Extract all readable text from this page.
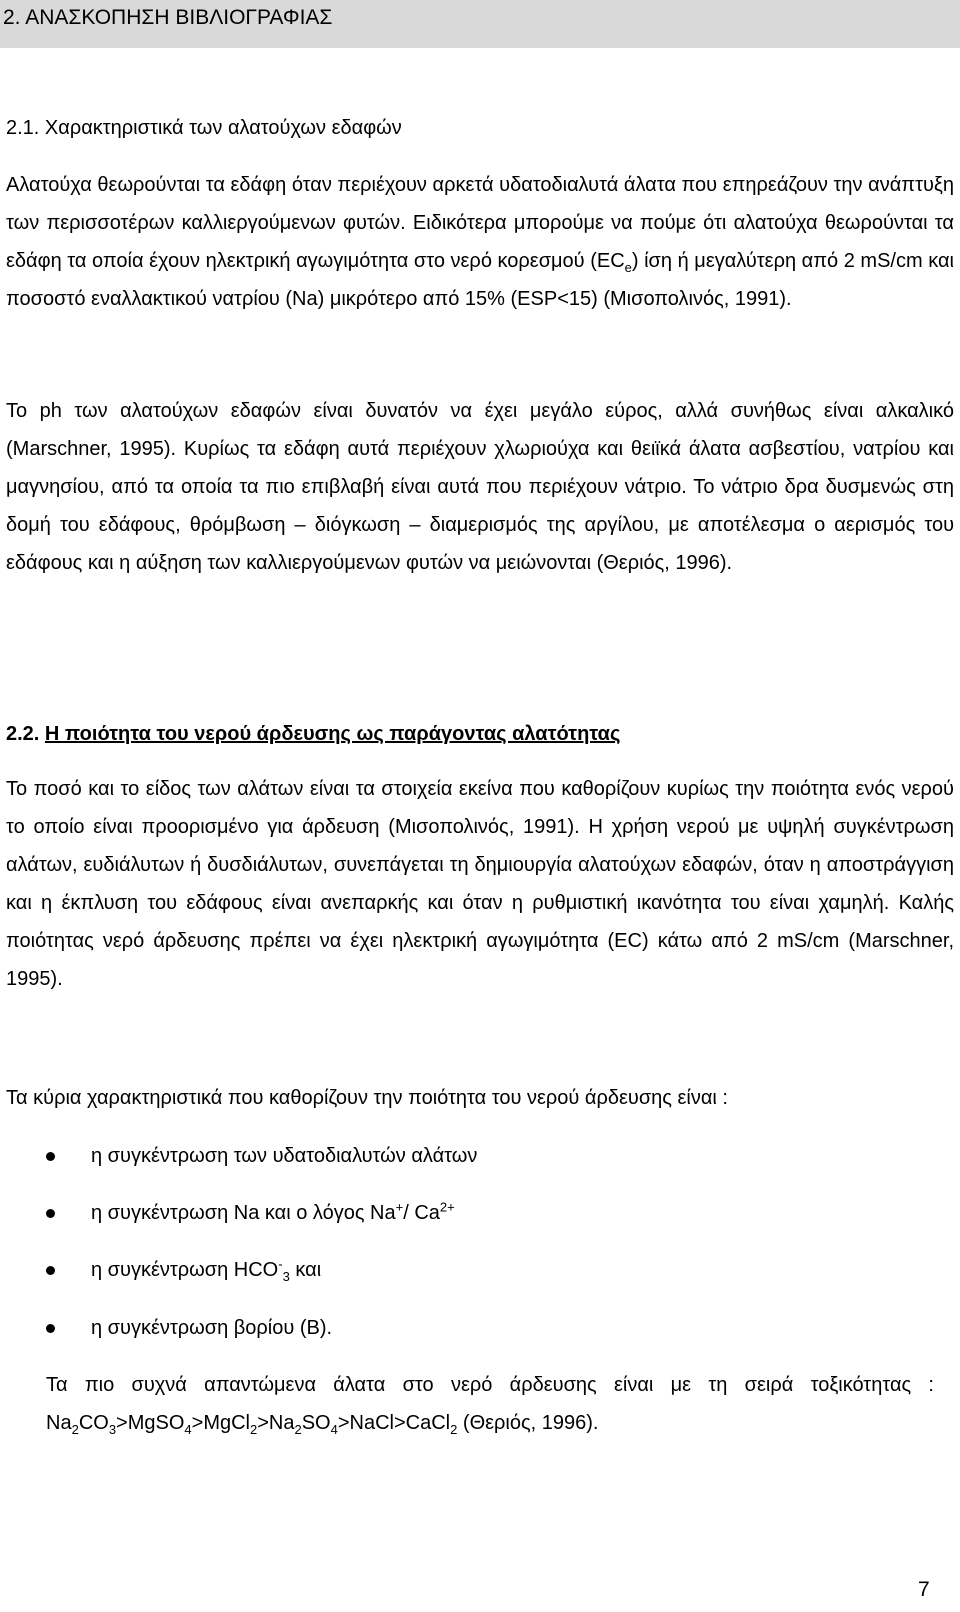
2. ΑΝΑΣΚΟΠΗΣΗ ΒΙΒΛΙΟΓΡΑΦΙΑΣ
2.1. Χαρακτηριστικά των αλατούχων εδαφών

Αλατούχα θεωρούνται τα εδάφη όταν περιέχουν αρκετά υδατοδιαλυτά άλατα που επηρεάζουν την ανάπτυξη των περισσοτέρων καλλιεργούμενων φυτών. Ειδικότερα μπορούμε να πούμε ότι αλατούχα θεωρούνται τα εδάφη τα οποία έχουν ηλεκτρική αγωγιμότητα στο νερό κορεσμού $(EC_e)$ ίση ή μεγαλύτερη από 2 mS/cm και ποσοστό εναλλακτικού νατρίου (Na) μικρότερο από 15% (ESP<15) (Μισοπολινός, 1991).

Το ph των αλατούχων εδαφών είναι δυνατόν να έχει μεγάλο εύρος, αλλά συνήθως είναι αλκαλικό (Marschner, 1995). Κυρίως τα εδάφη αυτά περιέχουν χλωριούχα και θειϊκά άλατα ασβεστίου, νατρίου και μαγνησίου, από τα οποία τα πιο επιβλαβή είναι αυτά που περιέχουν νάτριο. Το νάτριο δρα δυσμενώς στη δομή του εδάφους, θρόμβωση – διόγκωση – διαμερισμός της αργίλου, με αποτέλεσμα ο αερισμός του εδάφους και η αύξηση των καλλιεργούμενων φυτών να μειώνονται (Θεριός, 1996).

2.2. Η ποιότητα του νερού άρδευσης ως παράγοντας αλατότητας

Το ποσό και το είδος των αλάτων είναι τα στοιχεία εκείνα που καθορίζουν κυρίως την ποιότητα ενός νερού το οποίο είναι προορισμένο για άρδευση (Μισοπολινός, 1991). Η χρήση νερού με υψηλή συγκέντρωση αλάτων, ευδιάλυτων ή δυσδιάλυτων, συνεπάγεται τη δημιουργία αλατούχων εδαφών, όταν η αποστράγγιση και η έκπλυση του εδάφους είναι ανεπαρκής και όταν η ρυθμιστική ικανότητα του είναι χαμηλή. Καλής ποιότητας νερό άρδευσης πρέπει να έχει ηλεκτρική αγωγιμότητα (EC) κάτω από 2 mS/cm (Marschner, 1995).

Τα κύρια χαρακτηριστικά που καθορίζουν την ποιότητα του νερού άρδευσης είναι :
η συγκέντρωση των υδατοδιαλυτών αλάτων
η συγκέντρωση Na και ο λόγος Na+/ $Ca^{2+}$
η συγκέντρωση $HCO^-_3$ και
η συγκέντρωση βορίου (Β).

Τα πιο συχνά απαντώμενα άλατα στο νερό άρδευσης είναι με τη σειρά τοξικότητας : $Na_2CO_3>MgSO_4>MgCl_2>Na_2SO_4>NaCl>CaCl_2$ (Θεριός, 1996).

7
